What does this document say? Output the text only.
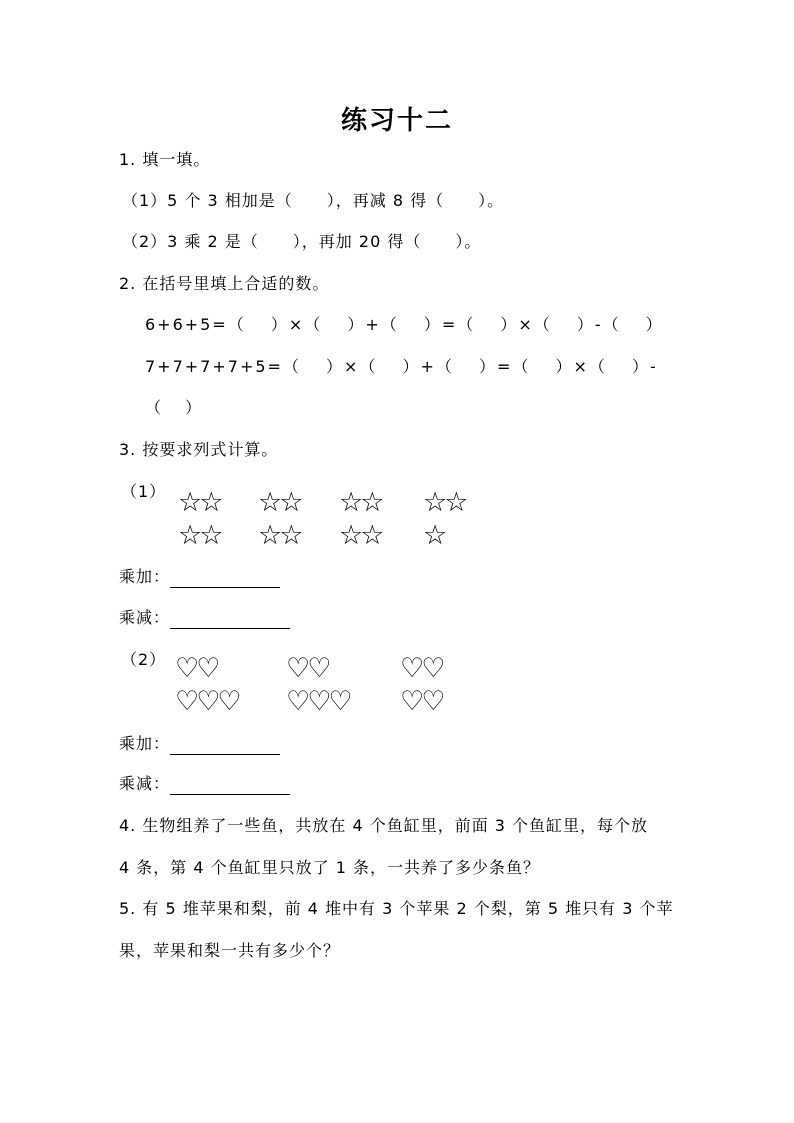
练习十二
1. 填一填。
（1）5 个 3 相加是（　　），再减 8 得（　　）。
（2）3 乘 2 是（　　），再加 20 得（　　）。
2. 在括号里填上合适的数。
6+6+5=（　 ）×（　 ）+（　 ）=（　 ）×（　 ）-（　 ）
7+7+7+7+5=（　 ）×（　 ）+（　 ）=（　 ）×（　 ）-
（　 ）
3. 按要求列式计算。
（1） ☆☆ ☆☆ ☆☆ ☆☆
☆☆ ☆☆ ☆☆ ☆
乘加：
乘减：
（2） ♡♡	♡♡	♡♡
♡♡♡ ♡♡♡ ♡♡
乘加：
乘减：
4. 生物组养了一些鱼，共放在 4 个鱼缸里，前面 3 个鱼缸里，每个放
4 条，第 4 个鱼缸里只放了 1 条，一共养了多少条鱼？
5. 有 5 堆苹果和梨，前 4 堆中有 3 个苹果 2 个梨，第 5 堆只有 3 个苹
果，苹果和梨一共有多少个？
